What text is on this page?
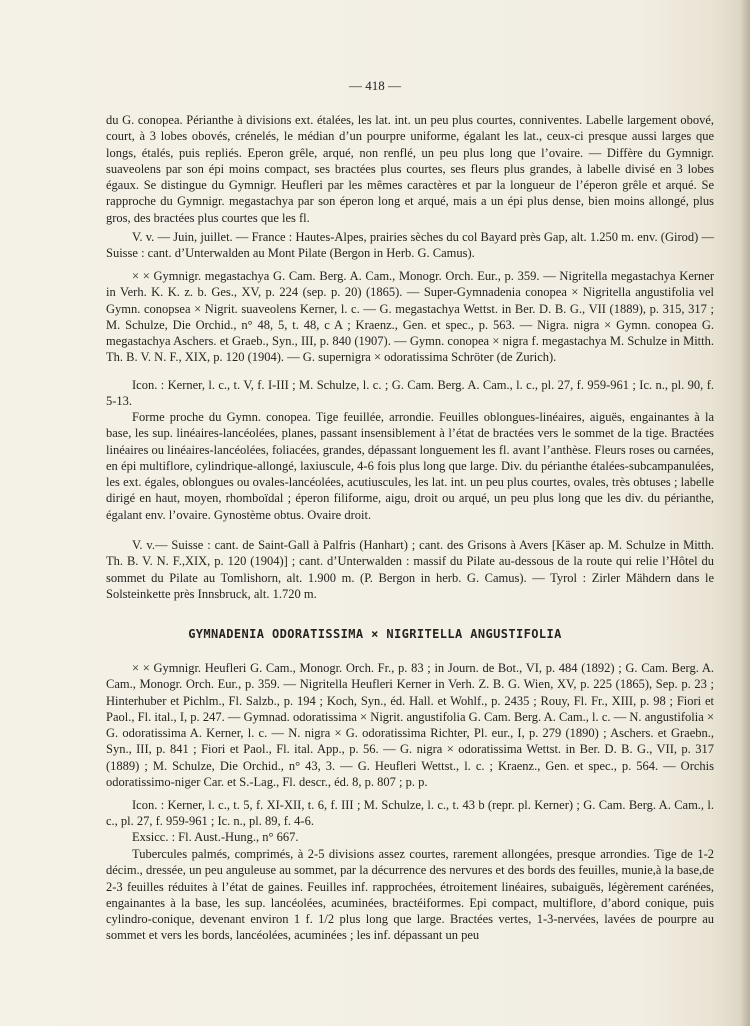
— 418 —

du G. conopea. Périanthe à divisions ext. étalées, les lat. int. un peu plus courtes, conniventes. Labelle largement obové, court, à 3 lobes obovés, crénelés, le médian d’un pourpre uniforme, égalant les lat., ceux-ci presque aussi larges que longs, étalés, puis repliés. Eperon grêle, arqué, non renflé, un peu plus long que l’ovaire. — Diffère du Gymnigr. suaveolens par son épi moins compact, ses bractées plus courtes, ses fleurs plus grandes, à labelle divisé en 3 lobes égaux. Se distingue du Gymnigr. Heufleri par les mêmes caractères et par la longueur de l’éperon grêle et arqué. Se rapproche du Gymnigr. megastachya par son éperon long et arqué, mais a un épi plus dense, bien moins allongé, plus gros, des bractées plus courtes que les fl.

V. v. — Juin, juillet. — France : Hautes-Alpes, prairies sèches du col Bayard près Gap, alt. 1.250 m. env. (Girod) — Suisse : cant. d’Unterwalden au Mont Pilate (Bergon in Herb. G. Camus).

× × Gymnigr. megastachya G. Cam. Berg. A. Cam., Monogr. Orch. Eur., p. 359. — Nigritella megastachya Kerner in Verh. K. K. z. b. Ges., XV, p. 224 (sep. p. 20) (1865). — Super-Gymnadenia conopea × Nigritella angustifolia vel Gymn. conopsea × Nigrit. suaveolens Kerner, l. c. — G. megastachya Wettst. in Ber. D. B. G., VII (1889), p. 315, 317 ; M. Schulze, Die Orchid., n° 48, 5, t. 48, c A ; Kraenz., Gen. et spec., p. 563. — Nigra. nigra × Gymn. conopea G. megastachya Aschers. et Graeb., Syn., III, p. 840 (1907). — Gymn. conopea × nigra f. megastachya M. Schulze in Mitth. Th. B. V. N. F., XIX, p. 120 (1904). — G. supernigra × odoratissima Schröter (de Zurich).

Icon. : Kerner, l. c., t. V, f. I-III ; M. Schulze, l. c. ; G. Cam. Berg. A. Cam., l. c., pl. 27, f. 959-961 ; Ic. n., pl. 90, f. 5-13.

Forme proche du Gymn. conopea. Tige feuillée, arrondie. Feuilles oblongues-linéaires, aiguës, engainantes à la base, les sup. linéaires-lancéolées, planes, passant insensiblement à l’état de bractées vers le sommet de la tige. Bractées linéaires ou linéaires-lancéolées, foliacées, grandes, dépassant longuement les fl. avant l’anthèse. Fleurs roses ou carnées, en épi multiflore, cylindrique-allongé, laxiuscule, 4-6 fois plus long que large. Div. du périanthe étalées-subcampanulées, les ext. égales, oblongues ou ovales-lancéolées, acutiuscules, les lat. int. un peu plus courtes, ovales, très obtuses ; labelle dirigé en haut, moyen, rhomboïdal ; éperon filiforme, aigu, droit ou arqué, un peu plus long que les div. du périanthe, égalant env. l’ovaire. Gynostème obtus. Ovaire droit.

V. v.— Suisse : cant. de Saint-Gall à Palfris (Hanhart) ; cant. des Grisons à Avers [Käser ap. M. Schulze in Mitth. Th. B. V. N. F.,XIX, p. 120 (1904)] ; cant. d’Unterwalden : massif du Pilate au-dessous de la route qui relie l’Hôtel du sommet du Pilate au Tomlishorn, alt. 1.900 m. (P. Bergon in herb. G. Camus). — Tyrol : Zirler Mähdern dans le Solsteinkette près Innsbruck, alt. 1.720 m.

GYMNADENIA ODORATISSIMA × NIGRITELLA ANGUSTIFOLIA

× × Gymnigr. Heufleri G. Cam., Monogr. Orch. Fr., p. 83 ; in Journ. de Bot., VI, p. 484 (1892) ; G. Cam. Berg. A. Cam., Monogr. Orch. Eur., p. 359. — Nigritella Heufleri Kerner in Verh. Z. B. G. Wien, XV, p. 225 (1865), Sep. p. 23 ; Hinterhuber et Pichlm., Fl. Salzb., p. 194 ; Koch, Syn., éd. Hall. et Wohlf., p. 2435 ; Rouy, Fl. Fr., XIII, p. 98 ; Fiori et Paol., Fl. ital., I, p. 247. — Gymnad. odoratissima × Nigrit. angustifolia G. Cam. Berg. A. Cam., l. c. — N. angustifolia × G. odoratissima A. Kerner, l. c. — N. nigra × G. odoratissima Richter, Pl. eur., I, p. 279 (1890) ; Aschers. et Graebn., Syn., III, p. 841 ; Fiori et Paol., Fl. ital. App., p. 56. — G. nigra × odoratissima Wettst. in Ber. D. B. G., VII, p. 317 (1889) ; M. Schulze, Die Orchid., n° 43, 3. — G. Heufleri Wettst., l. c. ; Kraenz., Gen. et spec., p. 564. — Orchis odoratissimo-niger Car. et S.-Lag., Fl. descr., éd. 8, p. 807 ; p. p.

Icon. : Kerner, l. c., t. 5, f. XI-XII, t. 6, f. III ; M. Schulze, l. c., t. 43 b (repr. pl. Kerner) ; G. Cam. Berg. A. Cam., l. c., pl. 27, f. 959-961 ; Ic. n., pl. 89, f. 4-6.

Exsicc. : Fl. Aust.-Hung., n° 667.

Tubercules palmés, comprimés, à 2-5 divisions assez courtes, rarement allongées, presque arrondies. Tige de 1-2 décim., dressée, un peu anguleuse au sommet, par la décurrence des nervures et des bords des feuilles, munie,à la base,de 2-3 feuilles réduites à l’état de gaines. Feuilles inf. rapprochées, étroitement linéaires, subaiguës, légèrement carénées, engainantes à la base, les sup. lancéolées, acuminées, bractéiformes. Epi compact, multiflore, d’abord conique, puis cylindro-conique, devenant environ 1 f. 1/2 plus long que large. Bractées vertes, 1-3-nervées, lavées de pourpre au sommet et vers les bords, lancéolées, acuminées ; les inf. dépassant un peu
